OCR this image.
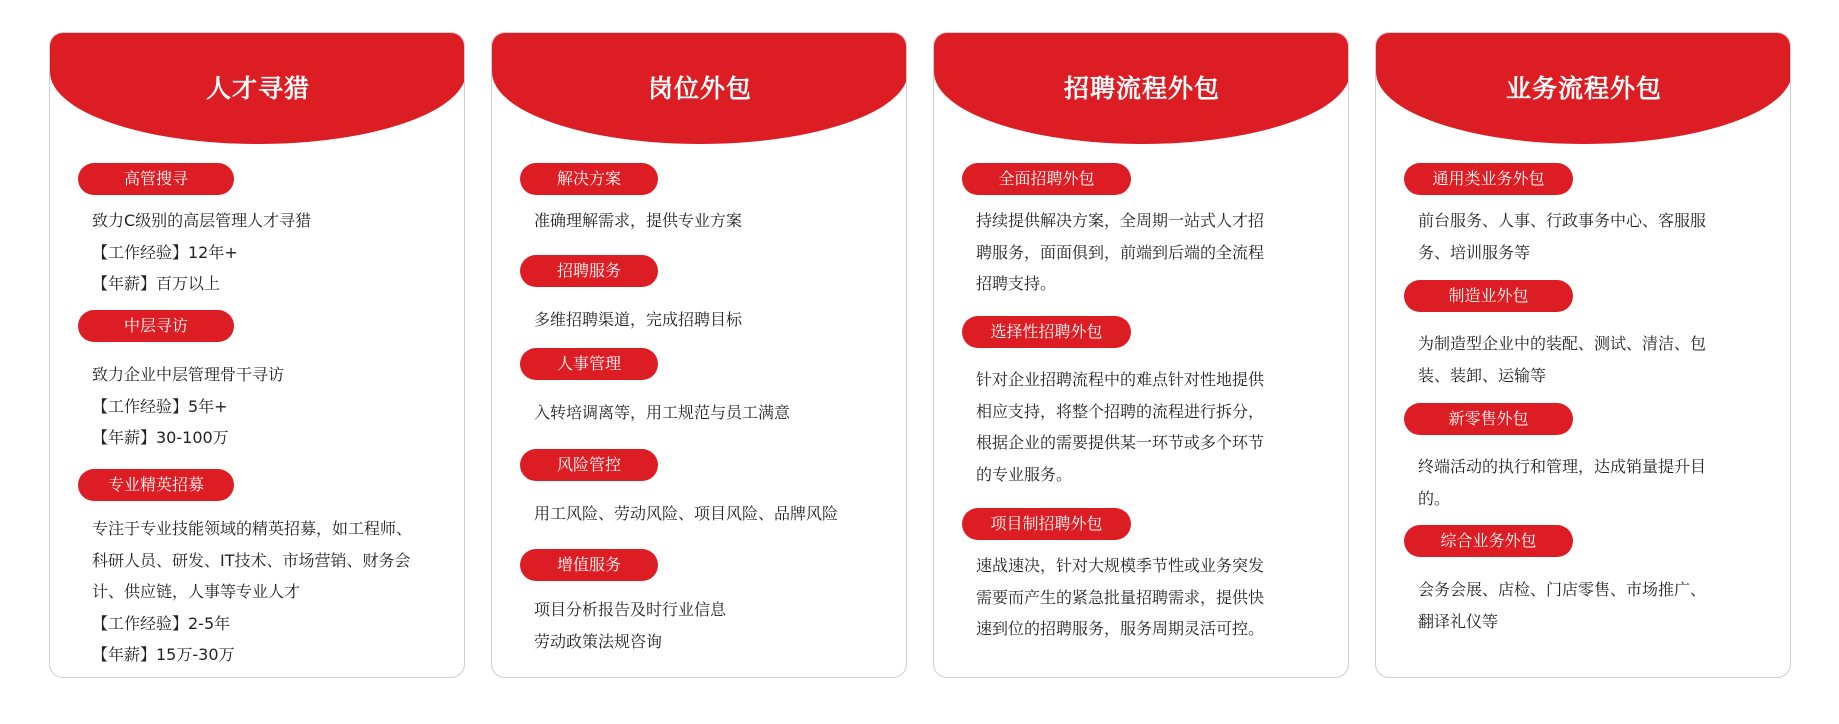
人才寻猎
高管搜寻
致力C级别的高层管理人才寻猎
【工作经验】12年+
【年薪】百万以上
中层寻访
致力企业中层管理骨干寻访
【工作经验】5年+
【年薪】30-100万
专业精英招募
专注于专业技能领域的精英招募，如工程师、
科研人员、研发、IT技术、市场营销、财务会
计、供应链，人事等专业人才
【工作经验】2-5年
【年薪】15万-30万
岗位外包
解决方案
准确理解需求，提供专业方案
招聘服务
多维招聘渠道，完成招聘目标
人事管理
入转培调离等，用工规范与员工满意
风险管控
用工风险、劳动风险、项目风险、品牌风险
增值服务
项目分析报告及时行业信息
劳动政策法规咨询
招聘流程外包
全面招聘外包
持续提供解决方案，全周期一站式人才招
聘服务，面面俱到，前端到后端的全流程
招聘支持。
选择性招聘外包
针对企业招聘流程中的难点针对性地提供
相应支持，将整个招聘的流程进行拆分，
根据企业的需要提供某一环节或多个环节
的专业服务。
项目制招聘外包
速战速决，针对大规模季节性或业务突发
需要而产生的紧急批量招聘需求，提供快
速到位的招聘服务，服务周期灵活可控。
业务流程外包
通用类业务外包
前台服务、人事、行政事务中心、客服服
务、培训服务等
制造业外包
为制造型企业中的装配、测试、清洁、包
装、装卸、运输等
新零售外包
终端活动的执行和管理，达成销量提升目
的。
综合业务外包
会务会展、店检、门店零售、市场推广、
翻译礼仪等
